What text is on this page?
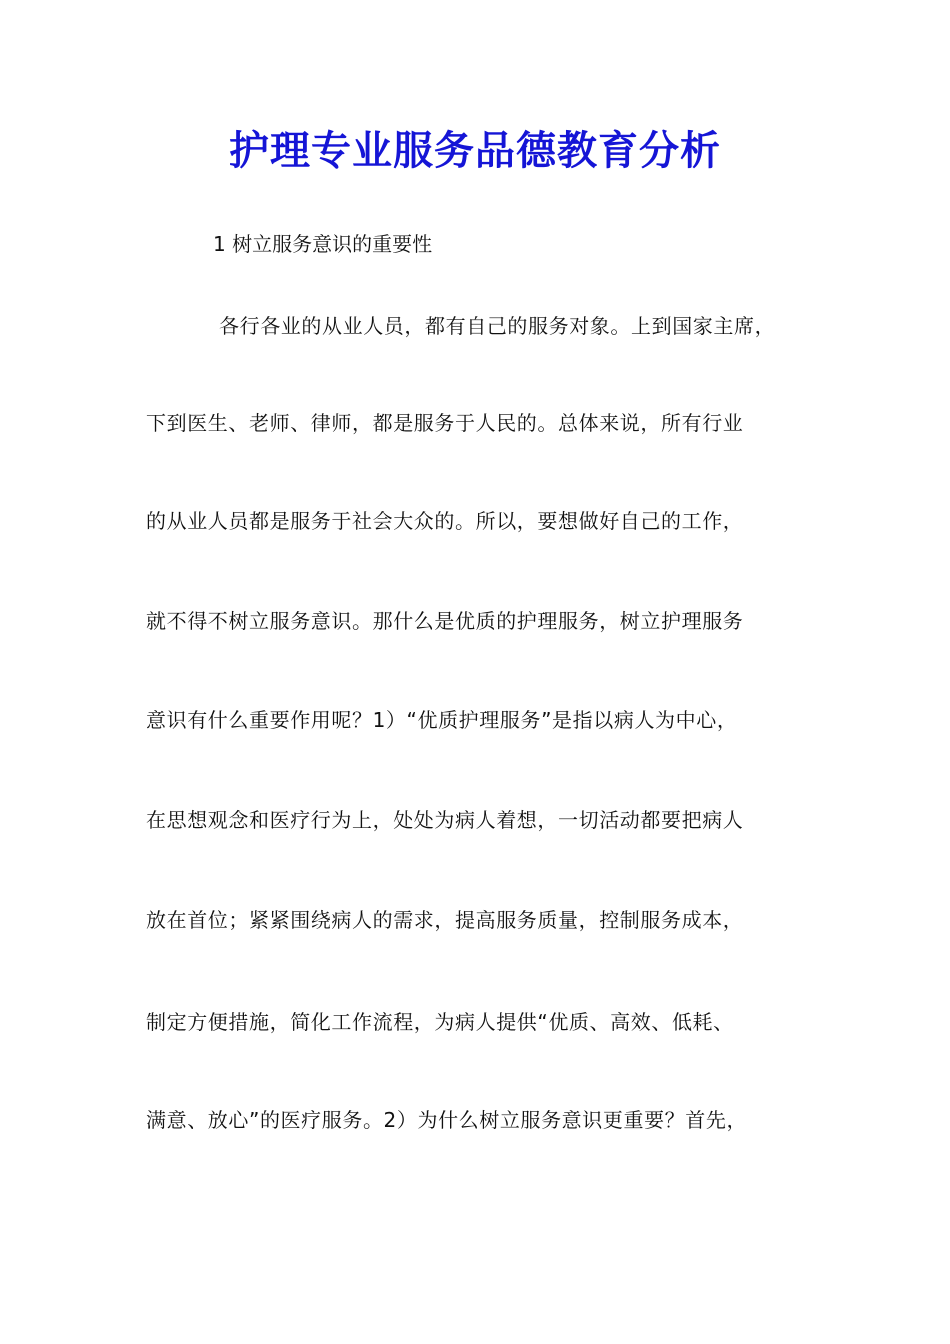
护理专业服务品德教育分析
1 树立服务意识的重要性
各行各业的从业人员，都有自己的服务对象。上到国家主席，
下到医生、老师、律师，都是服务于人民的。总体来说，所有行业
的从业人员都是服务于社会大众的。所以，要想做好自己的工作，
就不得不树立服务意识。那什么是优质的护理服务，树立护理服务
意识有什么重要作用呢？1）“优质护理服务”是指以病人为中心，
在思想观念和医疗行为上，处处为病人着想，一切活动都要把病人
放在首位；紧紧围绕病人的需求，提高服务质量，控制服务成本，
制定方便措施，简化工作流程，为病人提供“优质、高效、低耗、
满意、放心”的医疗服务。2）为什么树立服务意识更重要？首先，
